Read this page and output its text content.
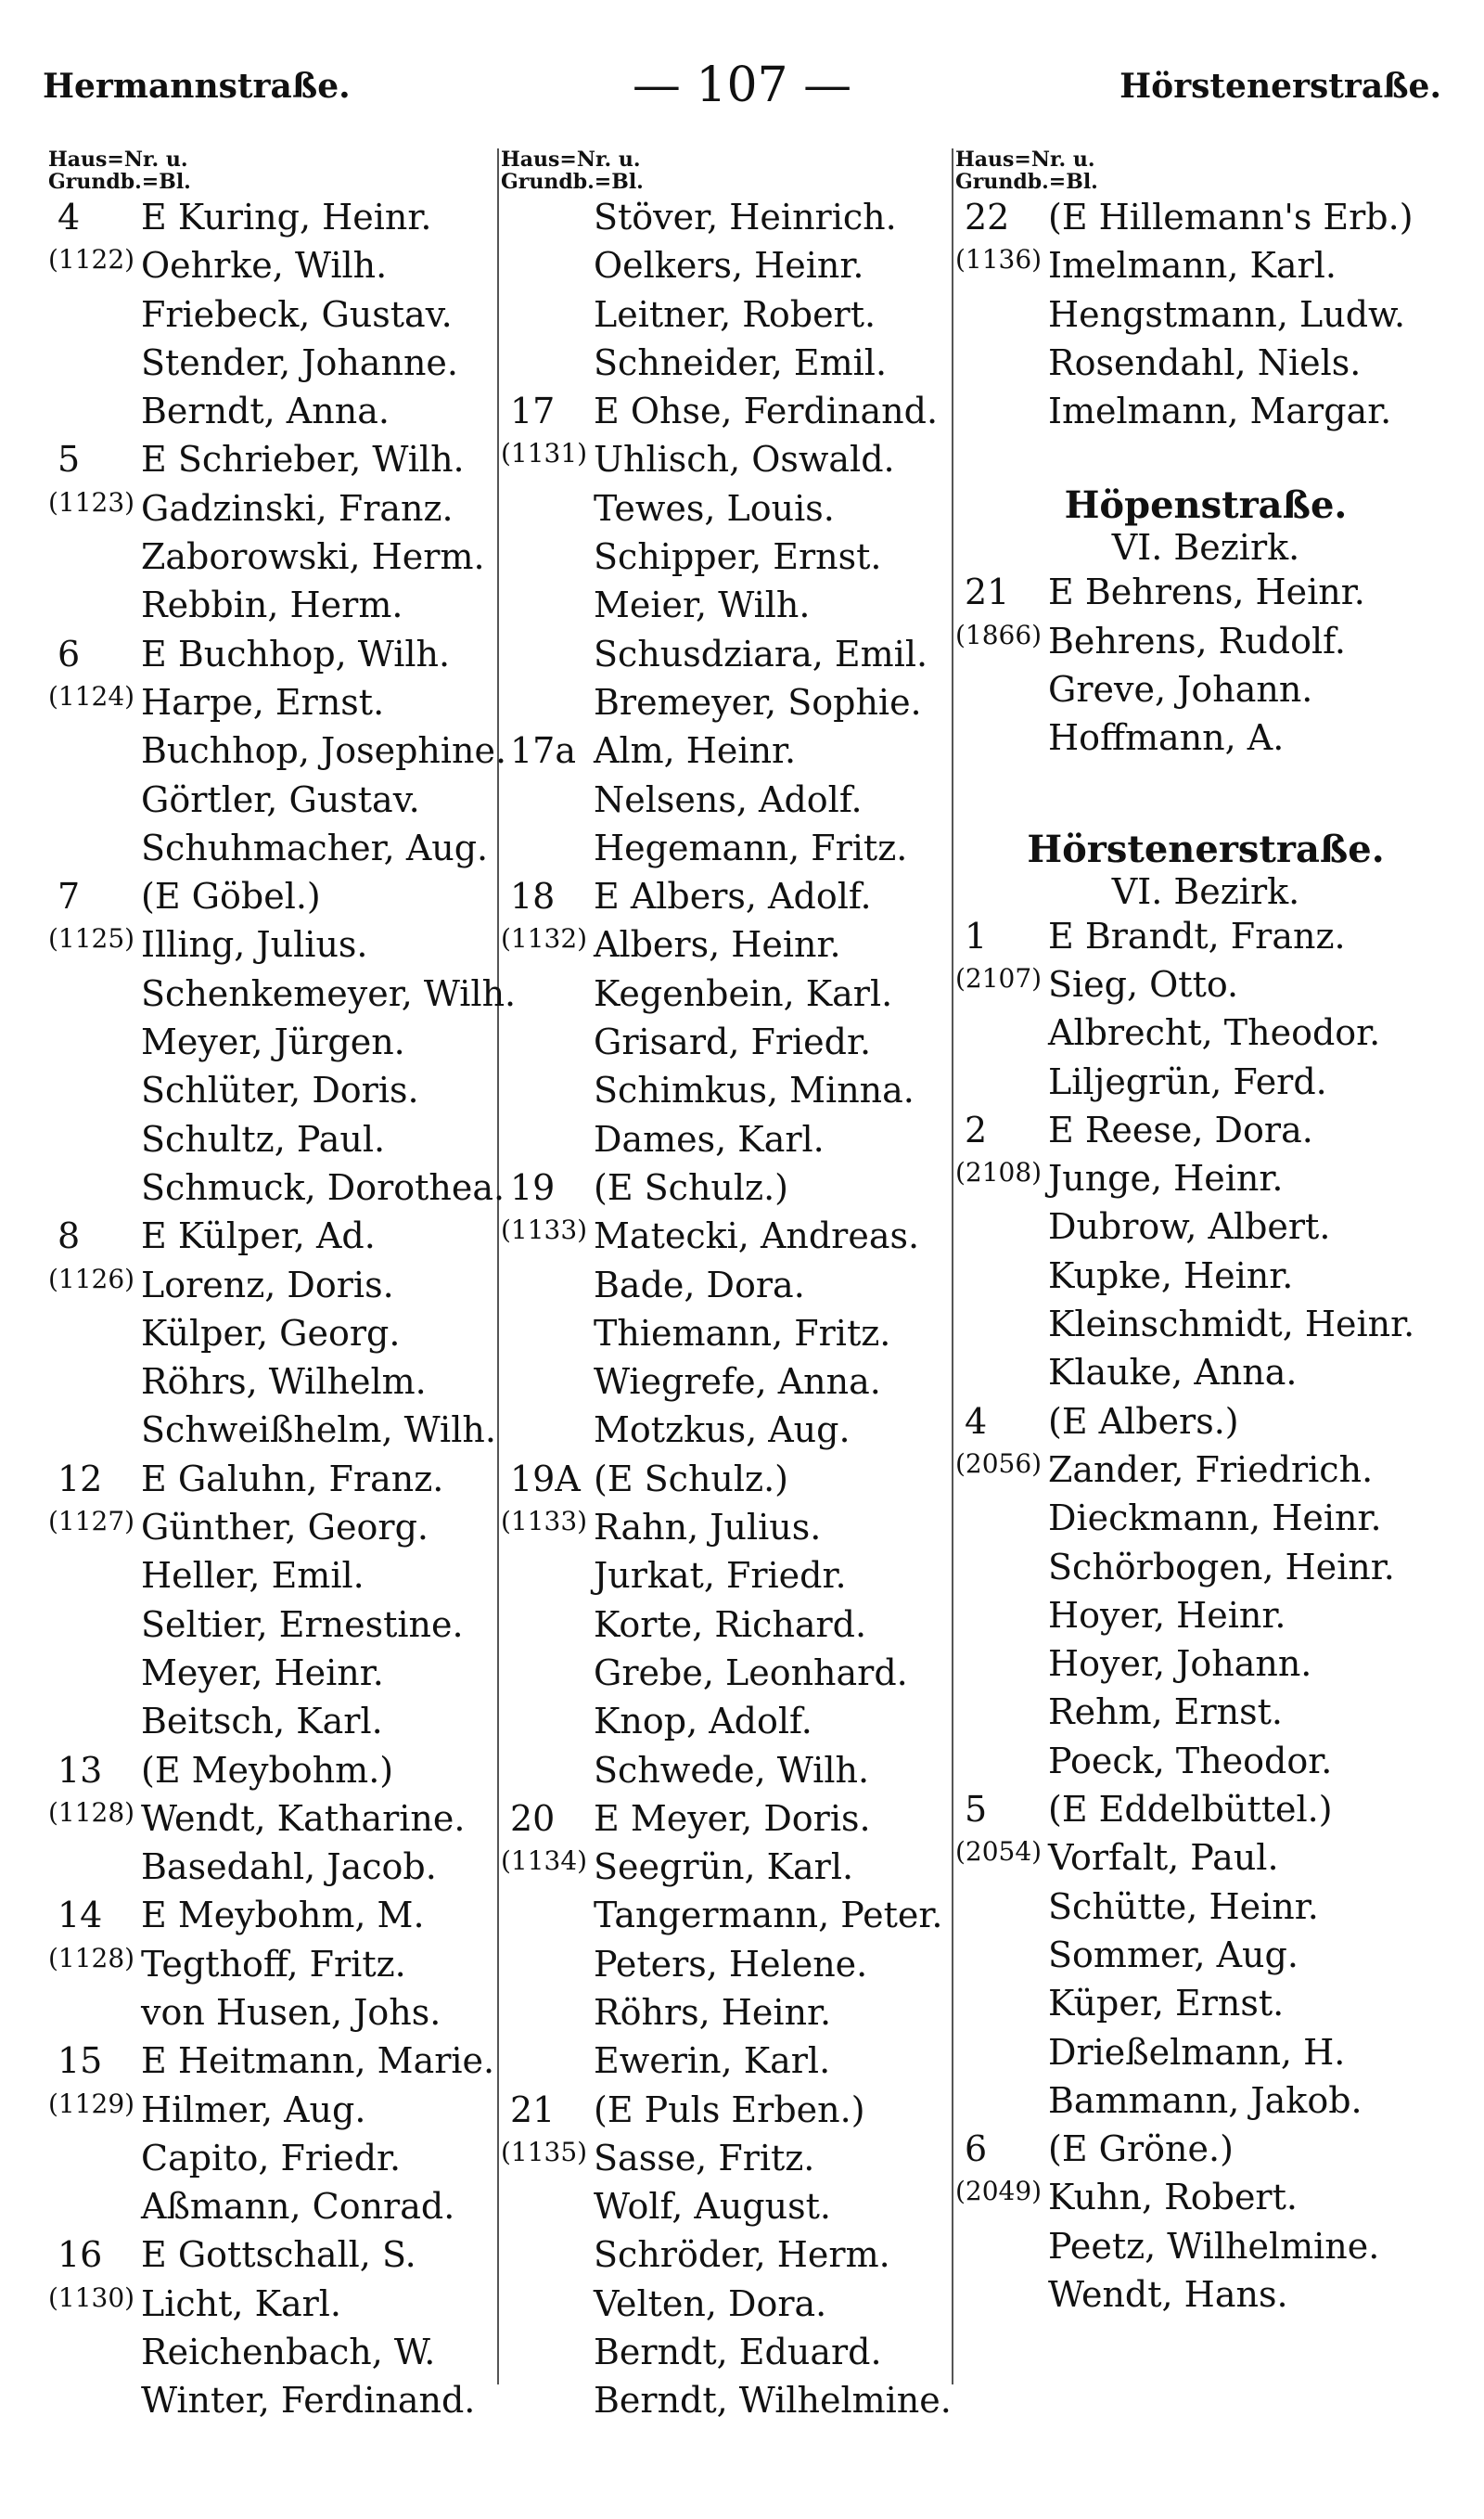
Hermannstraße.	— 107 —	Hörstenerstraße.
Haus=Nr. u.
Grundb.=Bl.
4 E Kuring, Heinr.
(1122) Oehrke, Wilh.
Friebeck, Gustav.
Stender, Johanne.
Berndt, Anna.
5 E Schrieber, Wilh.
(1123) Gadzinski, Franz.
Zaborowski, Herm.
Rebbin, Herm.
6 E Buchhop, Wilh.
(1124) Harpe, Ernst.
Buchhop, Josephine.
Görtler, Gustav.
Schuhmacher, Aug.
7 (E Göbel.)
(1125) Illing, Julius.
Schenkemeyer, Wilh.
Meyer, Jürgen.
Schlüter, Doris.
Schultz, Paul.
Schmuck, Dorothea.
8 E Külper, Ad.
(1126) Lorenz, Doris.
Külper, Georg.
Röhrs, Wilhelm.
Schweißhelm, Wilh.
12 E Galuhn, Franz.
(1127) Günther, Georg.
Heller, Emil.
Seltier, Ernestine.
Meyer, Heinr.
Beitsch, Karl.
13 (E Meybohm.)
(1128) Wendt, Katharine.
Basedahl, Jacob.
14 E Meybohm, M.
(1128) Tegthoff, Fritz.
von Husen, Johs.
15 E Heitmann, Marie.
(1129) Hilmer, Aug.
Capito, Friedr.
Aßmann, Conrad.
16 E Gottschall, S.
(1130) Licht, Karl.
Reichenbach, W.
Winter, Ferdinand.
Haus=Nr. u.
Grundb.=Bl.
Stöver, Heinrich.
Oelkers, Heinr.
Leitner, Robert.
Schneider, Emil.
17 E Ohse, Ferdinand.
(1131) Uhlisch, Oswald.
Tewes, Louis.
Schipper, Ernst.
Meier, Wilh.
Schusdziara, Emil.
Bremeyer, Sophie.
17a Alm, Heinr.
Nelsens, Adolf.
Hegemann, Fritz.
18 E Albers, Adolf.
(1132) Albers, Heinr.
Kegenbein, Karl.
Grisard, Friedr.
Schimkus, Minna.
Dames, Karl.
19 (E Schulz.)
(1133) Matecki, Andreas.
Bade, Dora.
Thiemann, Fritz.
Wiegrefe, Anna.
Motzkus, Aug.
19A (E Schulz.)
(1133) Rahn, Julius.
Jurkat, Friedr.
Korte, Richard.
Grebe, Leonhard.
Knop, Adolf.
Schwede, Wilh.
20 E Meyer, Doris.
(1134) Seegrün, Karl.
Tangermann, Peter.
Peters, Helene.
Röhrs, Heinr.
Ewerin, Karl.
21 (E Puls Erben.)
(1135) Sasse, Fritz.
Wolf, August.
Schröder, Herm.
Velten, Dora.
Berndt, Eduard.
Berndt, Wilhelmine.
Haus=Nr. u.
Grundb.=Bl.
22 (E Hillemann's Erb.)
(1136) Imelmann, Karl.
Hengstmann, Ludw.
Rosendahl, Niels.
Imelmann, Margar.
Höpenstraße.
VI. Bezirk.
21 E Behrens, Heinr.
(1866) Behrens, Rudolf.
Greve, Johann.
Hoffmann, A.
Hörstenerstraße.
VI. Bezirk.
1 E Brandt, Franz.
(2107) Sieg, Otto.
Albrecht, Theodor.
Liljegrün, Ferd.
2 E Reese, Dora.
(2108) Junge, Heinr.
Dubrow, Albert.
Kupke, Heinr.
Kleinschmidt, Heinr.
Klauke, Anna.
4 (E Albers.)
(2056) Zander, Friedrich.
Dieckmann, Heinr.
Schörbogen, Heinr.
Hoyer, Heinr.
Hoyer, Johann.
Rehm, Ernst.
Poeck, Theodor.
5 (E Eddelbüttel.)
(2054) Vorfalt, Paul.
Schütte, Heinr.
Sommer, Aug.
Küper, Ernst.
Drießelmann, H.
Bammann, Jakob.
6 (E Gröne.)
(2049) Kuhn, Robert.
Peetz, Wilhelmine.
Wendt, Hans.
